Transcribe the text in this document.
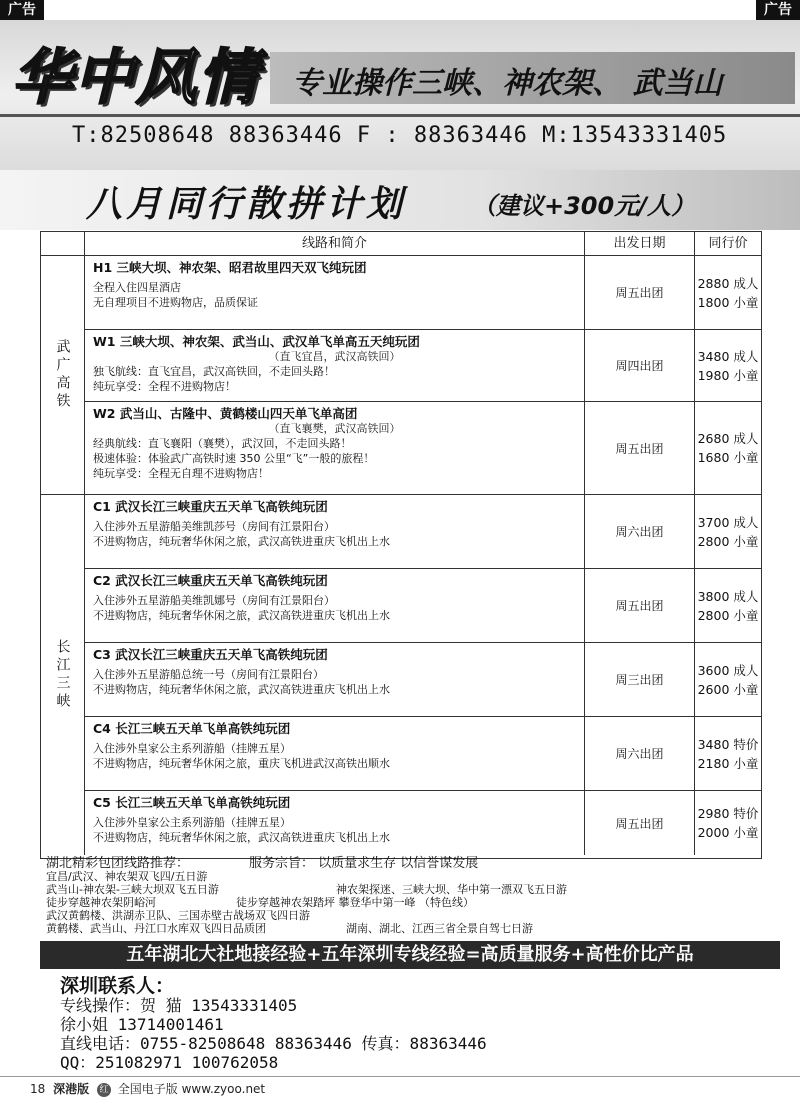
广告	广告
华中风情 专业操作三峡、神农架、 武当山
T:82508648 88363446 F : 88363446 M:13543331405
八月同行散拼计划	（建议+300元/人）
线路和简介	出发日期	同行价
武广高铁
H1 三峡大坝、神农架、昭君故里四天双飞纯玩团
全程入住四星酒店
无自理项目不进购物店，品质保证
周五出团
2880 成人
1800 小童
W1 三峡大坝、神农架、武当山、武汉单飞单高五天纯玩团
（直飞宜昌，武汉高铁回）
独飞航线：直飞宜昌，武汉高铁回，不走回头路！
纯玩享受：全程不进购物店！
周四出团
3480 成人
1980 小童
W2 武当山、古隆中、黄鹤楼山四天单飞单高团
（直飞襄樊，武汉高铁回）
经典航线：直飞襄阳（襄樊），武汉回，不走回头路！
极速体验：体验武广高铁时速 350 公里“飞”一般的旅程！
纯玩享受：全程无自理不进购物店！
周五出团
2680 成人
1680 小童
长江三峡
C1 武汉长江三峡重庆五天单飞高铁纯玩团
入住涉外五星游船美维凯莎号（房间有江景阳台）
不进购物店，纯玩奢华休闲之旅，武汉高铁进重庆飞机出上水
周六出团
3700 成人
2800 小童
C2 武汉长江三峡重庆五天单飞高铁纯玩团
入住涉外五星游船美维凯娜号（房间有江景阳台）
不进购物店，纯玩奢华休闲之旅，武汉高铁进重庆飞机出上水
周五出团
3800 成人
2800 小童
C3 武汉长江三峡重庆五天单飞高铁纯玩团
入住涉外五星游船总统一号（房间有江景阳台）
不进购物店，纯玩奢华休闲之旅，武汉高铁进重庆飞机出上水
周三出团
3600 成人
2600 小童
C4 长江三峡五天单飞单高铁纯玩团
入住涉外皇家公主系列游船（挂牌五星）
不进购物店，纯玩奢华休闲之旅，重庆飞机进武汉高铁出顺水
周六出团
3480 特价
2180 小童
C5 长江三峡五天单飞单高铁纯玩团
入住涉外皇家公主系列游船（挂牌五星）
不进购物店，纯玩奢华休闲之旅，武汉高铁进重庆飞机出上水
周五出团
2980 特价
2000 小童
湖北精彩包团线路推荐：	服务宗旨： 以质量求生存 以信誉谋发展
宜昌/武汉、神农架双飞四/五日游
武当山-神农架-三峡大坝双飞五日游	神农架探迷、三峡大坝、华中第一漂双飞五日游
徒步穿越神农架阴峪河	徒步穿越神农架踏坪 攀登华中第一峰 （特色线）
武汉黄鹤楼、洪湖赤卫队、三国赤壁古战场双飞四日游
黄鹤楼、武当山、丹江口水库双飞四日品质团	湖南、湖北、江西三省全景自驾七日游
五年湖北大社地接经验+五年深圳专线经验=高质量服务+高性价比产品
深圳联系人：
专线操作：贺 猫 13543331405
徐小姐 13714001461
直线电话：0755-82508648 88363446 传真：88363446
QQ：251082971 100762058
18 深港版 红 全国电子版 www.zyoo.net
